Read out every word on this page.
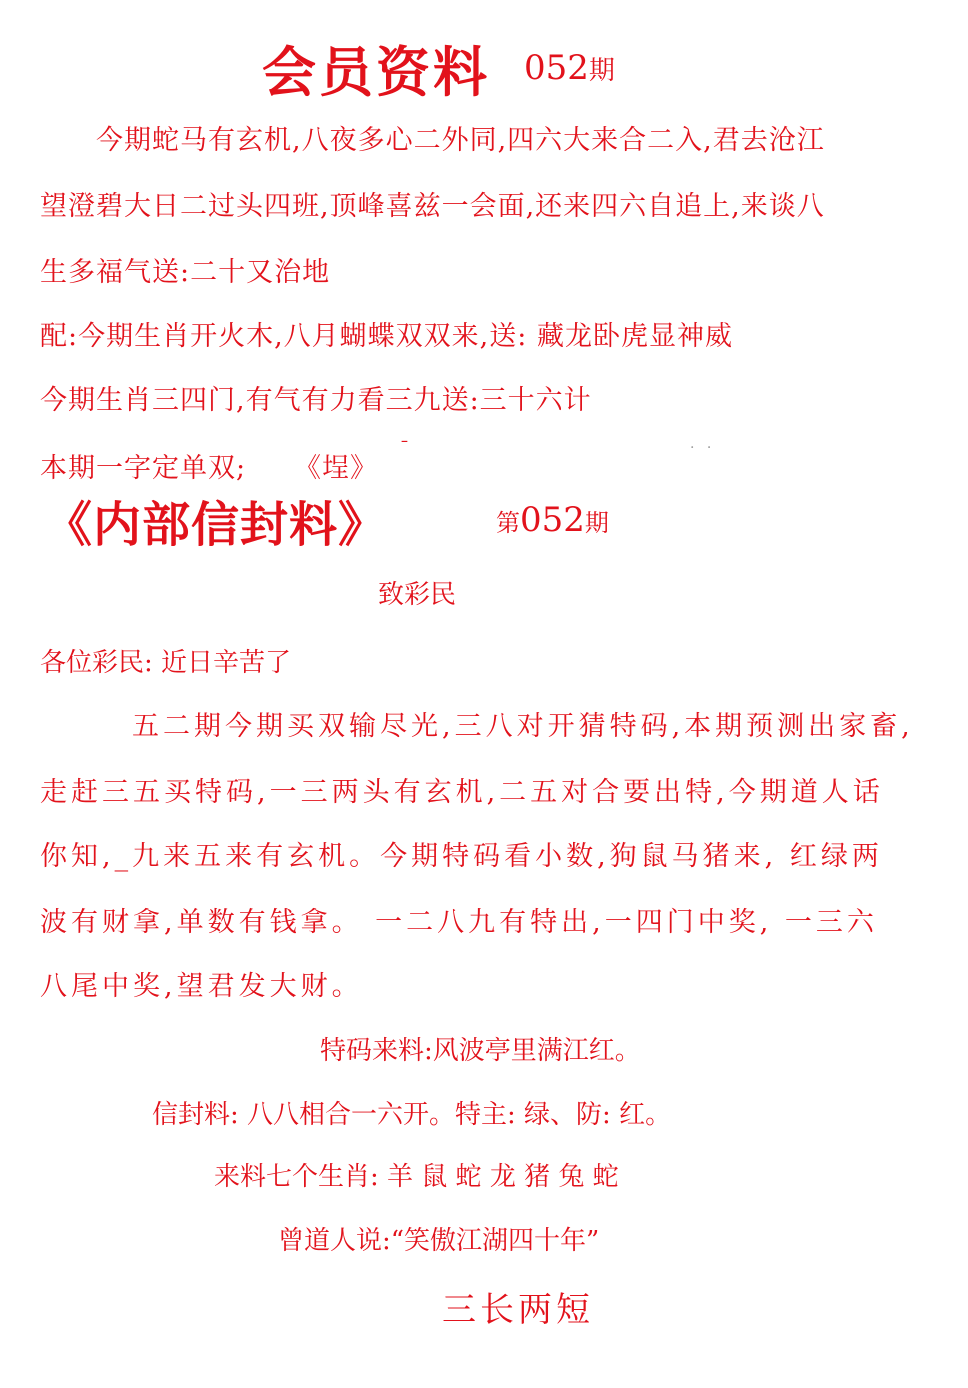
会员资料 052期
今期蛇马有玄机,八夜多心二外同,四六大来合二入,君去沧江
望澄碧大日二过头四班,顶峰喜兹一会面,还来四六自追上,来谈八
生多福气送:二十又治地
配:今期生肖开火木,八月蝴蝶双双来,送: 藏龙卧虎显神威
今期生肖三四门,有气有力看三九送:三十六计
本期一字定单双;     《埕》
· ·
《内部信封料》	第052期
致彩民
各位彩民: 近日辛苦了
五二期今期买双输尽光,三八对开猜特码,本期预测出家畜,
走赶三五买特码,一三两头有玄机,二五对合要出特,今期道人话
你知,_九来五来有玄机。今期特码看小数,狗鼠马猪来, 红绿两
波有财拿,单数有钱拿。 一二八九有特出,一四门中奖, 一三六
八尾中奖,望君发大财。
特码来料:风波亭里满江红。
信封料: 八八相合一六开。特主: 绿、防: 红。
来料七个生肖: 羊 鼠 蛇 龙 猪 兔 蛇
曾道人说:“笑傲江湖四十年”
三长两短
